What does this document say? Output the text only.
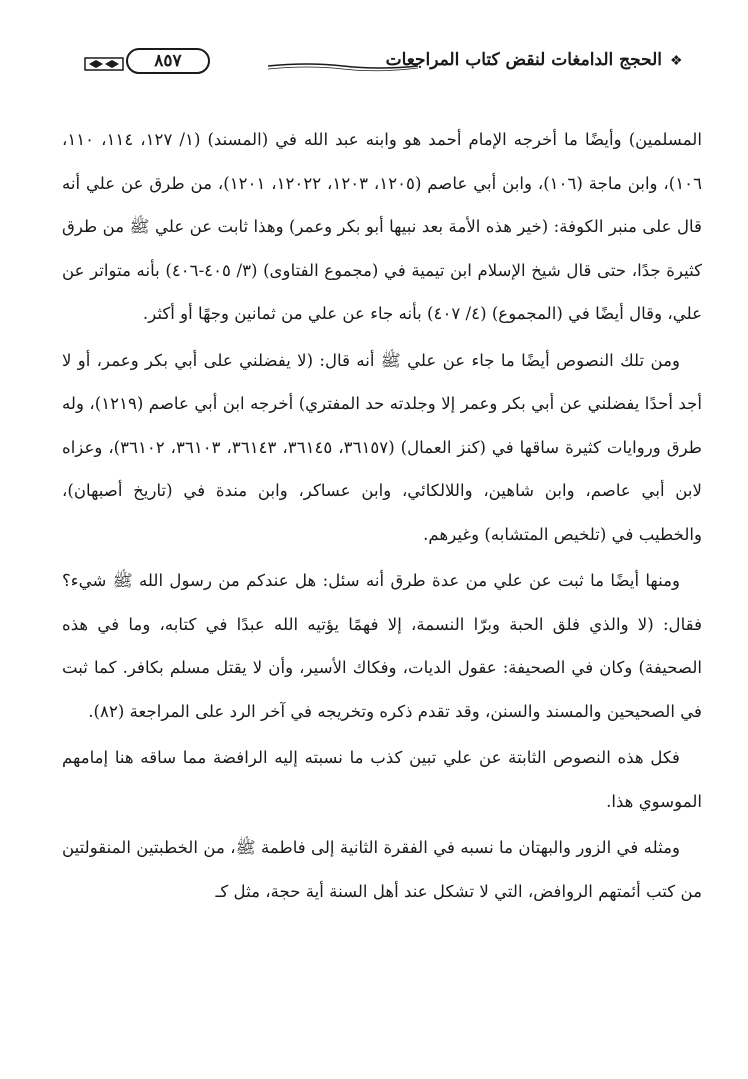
❖
الحجج الدامغات لنقض كتاب المراجعات
٨٥٧

المسلمين) وأيضًا ما أخرجه الإمام أحمد هو وابنه عبد الله في (المسند) (١/ ١٢٧، ١١٤، ١١٠، ١٠٦)، وابن ماجة (١٠٦)، وابن أبي عاصم (١٢٠٥، ١٢٠٣، ١٢٠٢٢، ١٢٠١)، من طرق عن علي أنه قال على منبر الكوفة: (خير هذه الأمة بعد نبيها أبو بكر وعمر) وهذا ثابت عن علي ﷺ من طرق كثيرة جدًا، حتى قال شيخ الإسلام ابن تيمية في (مجموع الفتاوى) (٣/ ٤٠٥-٤٠٦) بأنه متواتر عن علي، وقال أيضًا في (المجموع) (٤/ ٤٠٧) بأنه جاء عن علي من ثمانين وجهًا أو أكثر.

ومن تلك النصوص أيضًا ما جاء عن علي ﷺ أنه قال: (لا يفضلني على أبي بكر وعمر، أو لا أجد أحدًا يفضلني عن أبي بكر وعمر إلا وجلدته حد المفتري) أخرجه ابن أبي عاصم (١٢١٩)، وله طرق وروايات كثيرة ساقها في (كنز العمال) (٣٦١٥٧، ٣٦١٤٥، ٣٦١٤٣، ٣٦١٠٣، ٣٦١٠٢)، وعزاه لابن أبي عاصم، وابن شاهين، واللالكائي، وابن عساكر، وابن مندة في (تاريخ أصبهان)، والخطيب في (تلخيص المتشابه) وغيرهم.

ومنها أيضًا ما ثبت عن علي من عدة طرق أنه سئل: هل عندكم من رسول الله ﷺ شيء؟ فقال: (لا والذي فلق الحبة وبرّا النسمة، إلا فهمًا يؤتيه الله عبدًا في كتابه، وما في هذه الصحيفة) وكان في الصحيفة: عقول الديات، وفكاك الأسير، وأن لا يقتل مسلم بكافر. كما ثبت في الصحيحين والمسند والسنن، وقد تقدم ذكره وتخريجه في آخر الرد على المراجعة (٨٢).

فكل هذه النصوص الثابتة عن علي تبين كذب ما نسبته إليه الرافضة مما ساقه هنا إمامهم الموسوي هذا.

ومثله في الزور والبهتان ما نسبه في الفقرة الثانية إلى فاطمة ﷺ، من الخطبتين المنقولتين من كتب أئمتهم الروافض، التي لا تشكل عند أهل السنة أية حجة، مثل كـ
